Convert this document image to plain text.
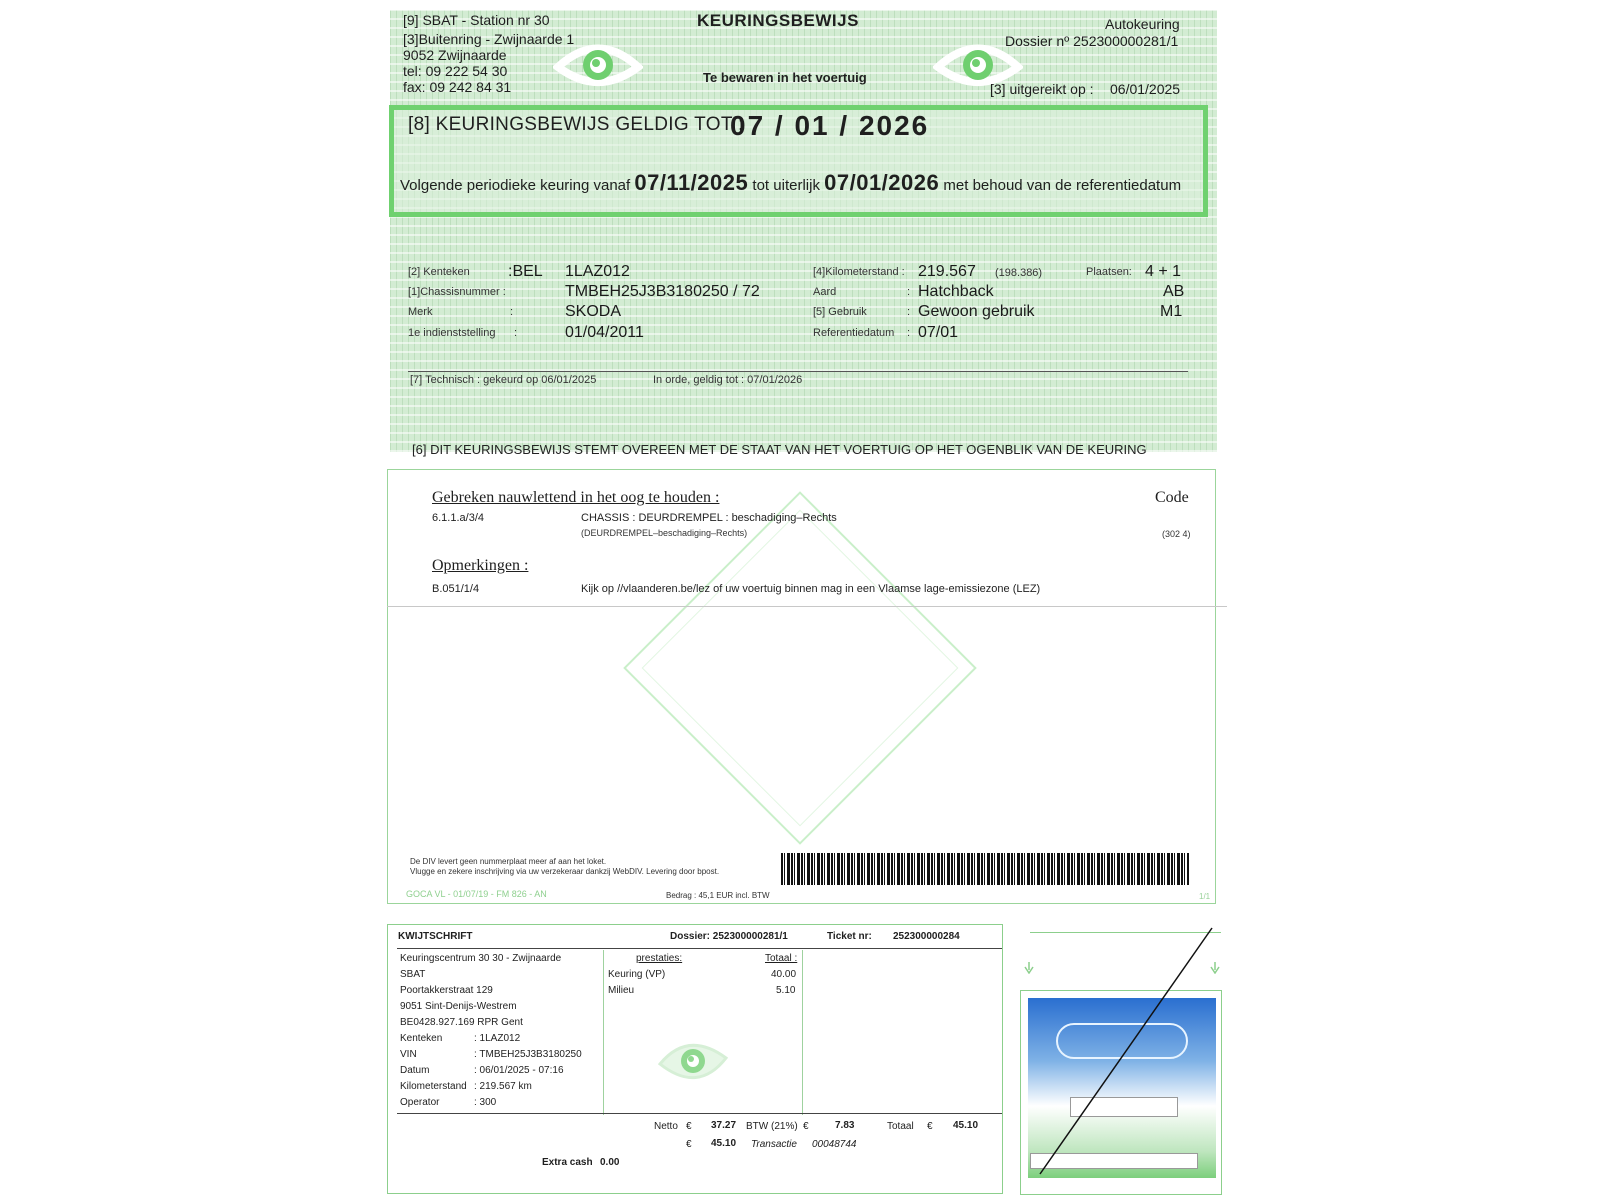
[9] SBAT - Station nr 30
[3]Buitenring - Zwijnaarde 1
9052 Zwijnaarde
tel: 09 222 54 30
fax: 09 242 84 31
KEURINGSBEWIJS
Te bewaren in het voertuig
Autokeuring
Dossier nº 252300000281/1
[3] uitgereikt op : 06/01/2025
[8] KEURINGSBEWIJS GELDIG TOT :
07 / 01 / 2026
Volgende periodieke keuring vanaf 07/11/2025 tot uiterlijk 07/01/2026 met behoud van de referentiedatum
[2] Kenteken :BEL 1LAZ012
[1]Chassisnummer :	TMBEH25J3B3180250 / 72
Merk	:	SKODA
1e indienststelling :	01/04/2011
[4]Kilometerstand : 219.567 (198.386)	Plaatsen: 4 + 1
Aard	: Hatchback	AB
[5] Gebruik	: Gewoon gebruik	M1
Referentiedatum : 07/01
[7] Technisch : gekeurd op 06/01/2025	In orde, geldig tot : 07/01/2026
[6] DIT KEURINGSBEWIJS STEMT OVEREEN MET DE STAAT VAN HET VOERTUIG OP HET OGENBLIK VAN DE KEURING
Gebreken nauwlettend in het oog te houden :	Code
6.1.1.a/3/4	CHASSIS : DEURDREMPEL : beschadiging–Rechts
(DEURDREMPEL–beschadiging–Rechts)	(302 4)
Opmerkingen :
B.051/1/4	Kijk op //vlaanderen.be/lez of uw voertuig binnen mag in een Vlaamse lage-emissiezone (LEZ)
De DIV levert geen nummerplaat meer af aan het loket.
Vlugge en zekere inschrijving via uw verzekeraar dankzij WebDIV. Levering door bpost.
GOCA VL - 01/07/19 - FM 826 - AN	Bedrag : 45,1 EUR incl. BTW	1/1
KWIJTSCHRIFT	Dossier: 252300000281/1	Ticket nr: 252300000284
Keuringscentrum 30 30 - Zwijnaarde
SBAT
Poortakkerstraat 129
9051 Sint-Denijs-Westrem
BE0428.927.169 RPR Gent
Kenteken	: 1LAZ012
VIN	: TMBEH25J3B3180250
Datum	: 06/01/2025 - 07:16
Kilometerstand : 219.567 km
Operator	: 300
prestaties:	Totaal :
Keuring (VP)	40.00
Milieu	5.10
Netto € 37.27 BTW (21%) €	7.83	Totaal € 45.10
€ 45.10 Transactie 00048744
Extra cash 0.00
